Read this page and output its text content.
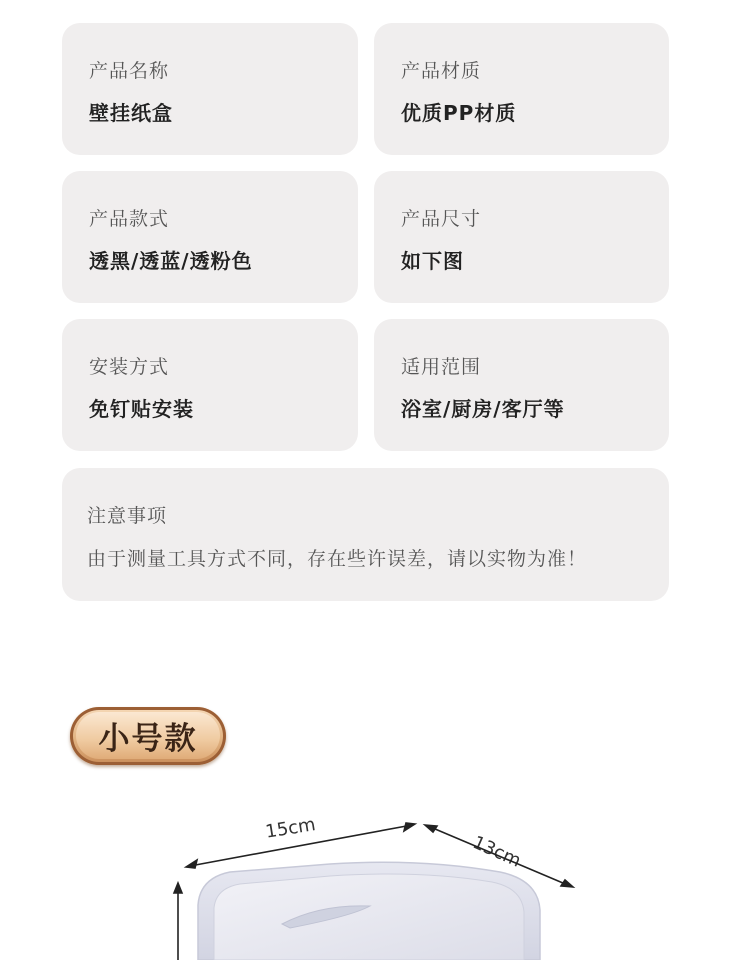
产品名称
壁挂纸盒
产品材质
优质PP材质
产品款式
透黑/透蓝/透粉色
产品尺寸
如下图
安装方式
免钉贴安装
适用范围
浴室/厨房/客厅等
注意事项
由于测量工具方式不同，存在些许误差，请以实物为准！
小号款
15cm
13cm
